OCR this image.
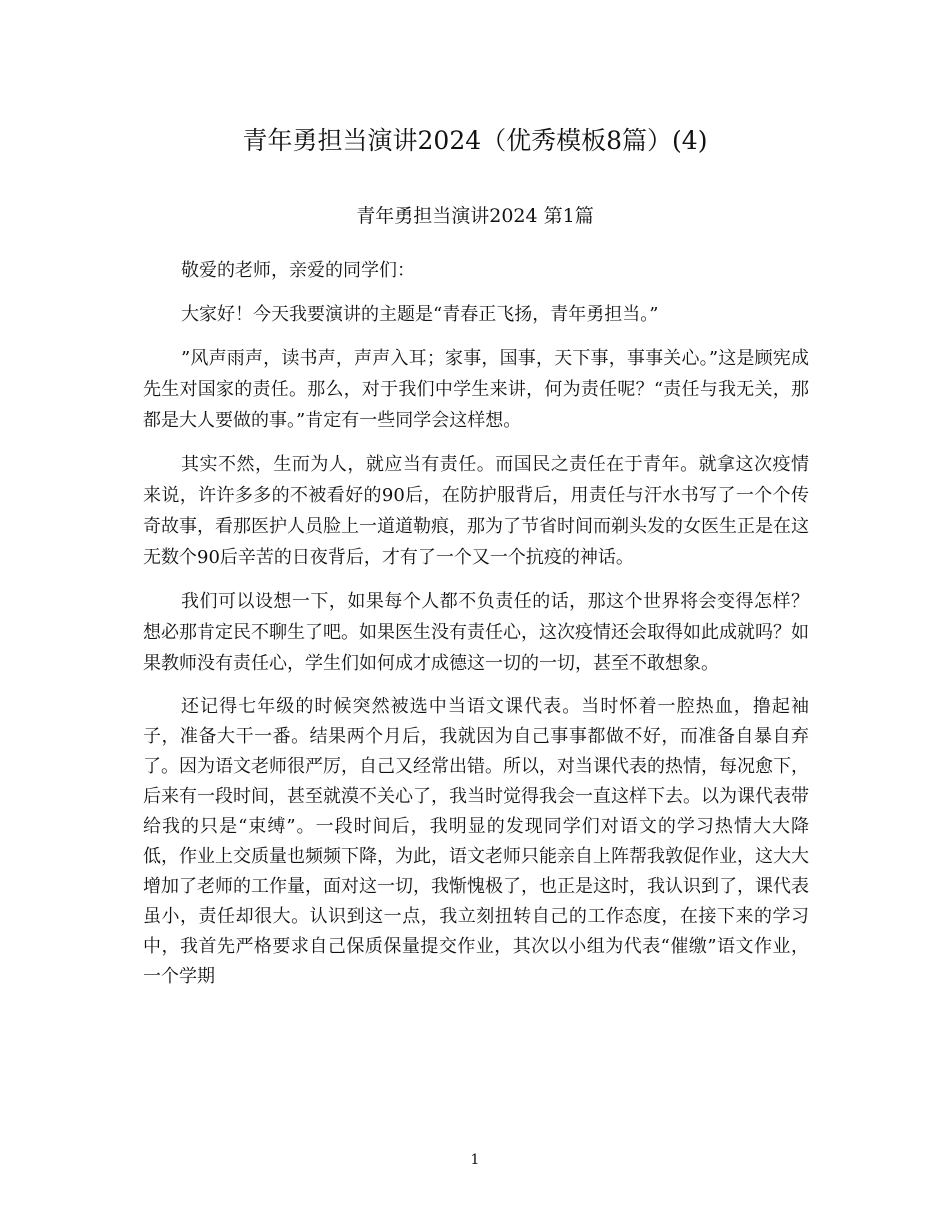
青年勇担当演讲2024（优秀模板8篇）(4)
青年勇担当演讲2024 第1篇

敬爱的老师，亲爱的同学们：

大家好！今天我要演讲的主题是“青春正飞扬，青年勇担当。”

”风声雨声，读书声，声声入耳；家事，国事，天下事，事事关心。”这是顾宪成先生对国家的责任。那么，对于我们中学生来讲，何为责任呢？“责任与我无关，那都是大人要做的事。”肯定有一些同学会这样想。

其实不然，生而为人，就应当有责任。而国民之责任在于青年。就拿这次疫情来说，许许多多的不被看好的90后，在防护服背后，用责任与汗水书写了一个个传奇故事，看那医护人员脸上一道道勒痕，那为了节省时间而剃头发的女医生正是在这无数个90后辛苦的日夜背后，才有了一个又一个抗疫的神话。

我们可以设想一下，如果每个人都不负责任的话，那这个世界将会变得怎样？想必那肯定民不聊生了吧。如果医生没有责任心，这次疫情还会取得如此成就吗？如果教师没有责任心，学生们如何成才成德这一切的一切，甚至不敢想象。

还记得七年级的时候突然被选中当语文课代表。当时怀着一腔热血，撸起袖子，准备大干一番。结果两个月后，我就因为自己事事都做不好，而准备自暴自弃了。因为语文老师很严厉，自己又经常出错。所以，对当课代表的热情，每况愈下，后来有一段时间，甚至就漠不关心了，我当时觉得我会一直这样下去。以为课代表带给我的只是“束缚”。一段时间后，我明显的发现同学们对语文的学习热情大大降低，作业上交质量也频频下降，为此，语文老师只能亲自上阵帮我敦促作业，这大大增加了老师的工作量，面对这一切，我惭愧极了，也正是这时，我认识到了，课代表虽小，责任却很大。认识到这一点，我立刻扭转自己的工作态度，在接下来的学习中，我首先严格要求自己保质保量提交作业，其次以小组为代表“催缴”语文作业，一个学期

1
